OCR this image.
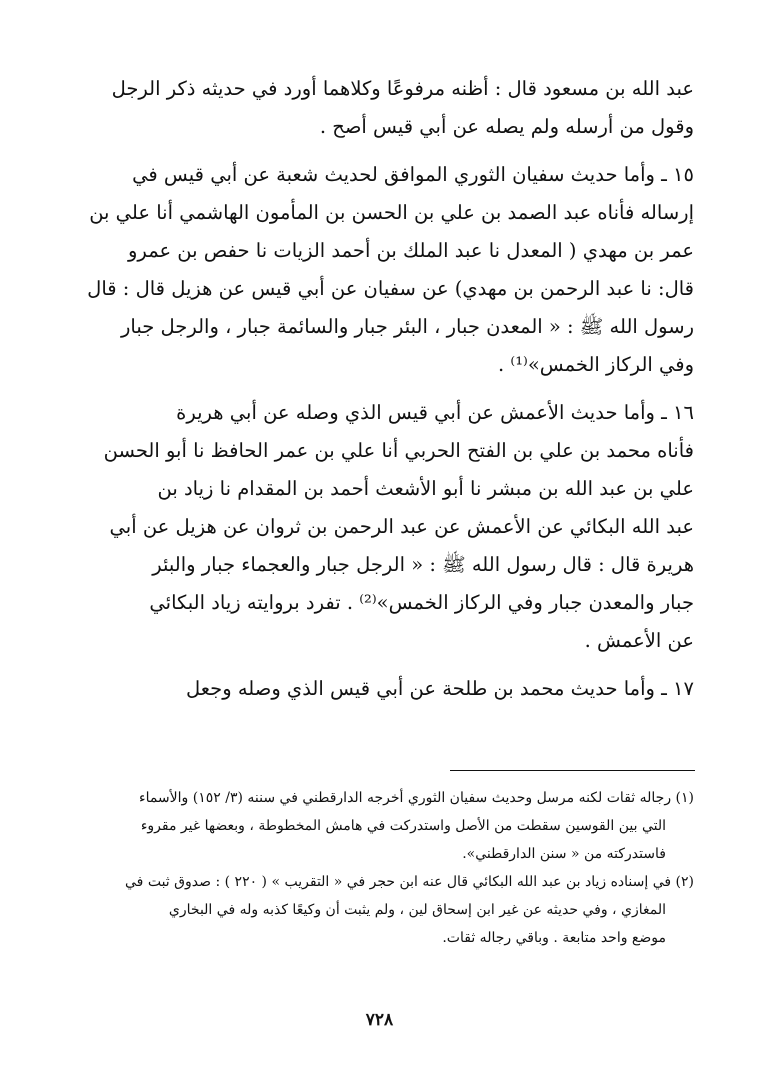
عبد الله بن مسعود قال : أظنه مرفوعًا وكلاهما أورد في حديثه ذكر الرجل
وقول من أرسله ولم يصله عن أبي قيس أصح .
١٥ ـ وأما حديث سفيان الثوري الموافق لحديث شعبة عن أبي قيس في
إرساله فأناه عبد الصمد بن علي بن الحسن بن المأمون الهاشمي أنا علي بن
عمر بن مهدي ( المعدل نا عبد الملك بن أحمد الزيات نا حفص بن عمرو
قال: نا عبد الرحمن بن مهدي) عن سفيان عن أبي قيس عن هزيل قال : قال
رسول الله ﷺ : « المعدن جبار ، البئر جبار والسائمة جبار ، والرجل جبار
وفي الركاز الخمس»⁽¹⁾ .
١٦ ـ وأما حديث الأعمش عن أبي قيس الذي وصله عن أبي هريرة
فأناه محمد بن علي بن الفتح الحربي أنا علي بن عمر الحافظ نا أبو الحسن
علي بن عبد الله بن مبشر نا أبو الأشعث أحمد بن المقدام نا زياد بن
عبد الله البكائي عن الأعمش عن عبد الرحمن بن ثروان عن هزيل عن أبي
هريرة قال : قال رسول الله ﷺ : « الرجل جبار والعجماء جبار والبئر
جبار والمعدن جبار وفي الركاز الخمس»⁽²⁾ . تفرد بروايته زياد البكائي
عن الأعمش .
١٧ ـ وأما حديث محمد بن طلحة عن أبي قيس الذي وصله وجعل
(١) رجاله ثقات لكنه مرسل وحديث سفيان الثوري أخرجه الدارقطني في سننه (٣/ ١٥٢) والأسماء
التي بين القوسين سقطت من الأصل واستدركت في هامش المخطوطة ، وبعضها غير مقروء
فاستدركته من « سنن الدارقطني».
(٢) في إسناده زياد بن عبد الله البكائي قال عنه ابن حجر في « التقريب » ( ٢٢٠ ) : صدوق ثبت في
المغازي ، وفي حديثه عن غير ابن إسحاق لين ، ولم يثبت أن وكيعًا كذبه وله في البخاري
موضع واحد متابعة . وباقي رجاله ثقات.
٧٢٨
